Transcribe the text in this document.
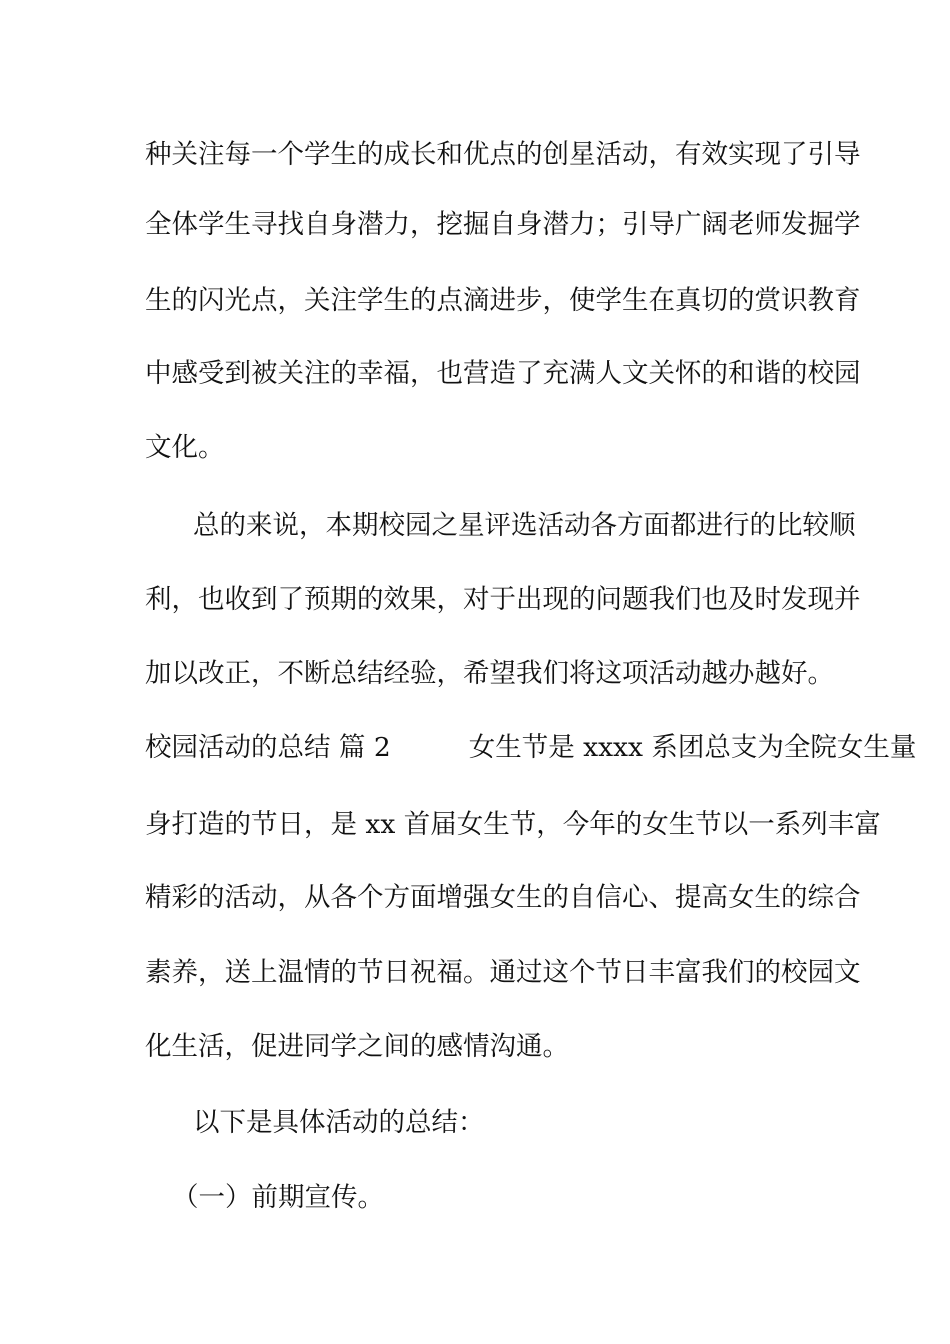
种关注每一个学生的成长和优点的创星活动，有效实现了引导
全体学生寻找自身潜力，挖掘自身潜力；引导广阔老师发掘学
生的闪光点，关注学生的点滴进步，使学生在真切的赏识教育
中感受到被关注的幸福，也营造了充满人文关怀的和谐的校园
文化。
总的来说，本期校园之星评选活动各方面都进行的比较顺
利，也收到了预期的效果，对于出现的问题我们也及时发现并
加以改正，不断总结经验，希望我们将这项活动越办越好。
校园活动的总结 篇 2	女生节是 xxxx 系团总支为全院女生量
身打造的节日，是 xx 首届女生节，今年的女生节以一系列丰富
精彩的活动，从各个方面增强女生的自信心、提高女生的综合
素养，送上温情的节日祝福。通过这个节日丰富我们的校园文
化生活，促进同学之间的感情沟通。
以下是具体活动的总结：
（一）前期宣传。
